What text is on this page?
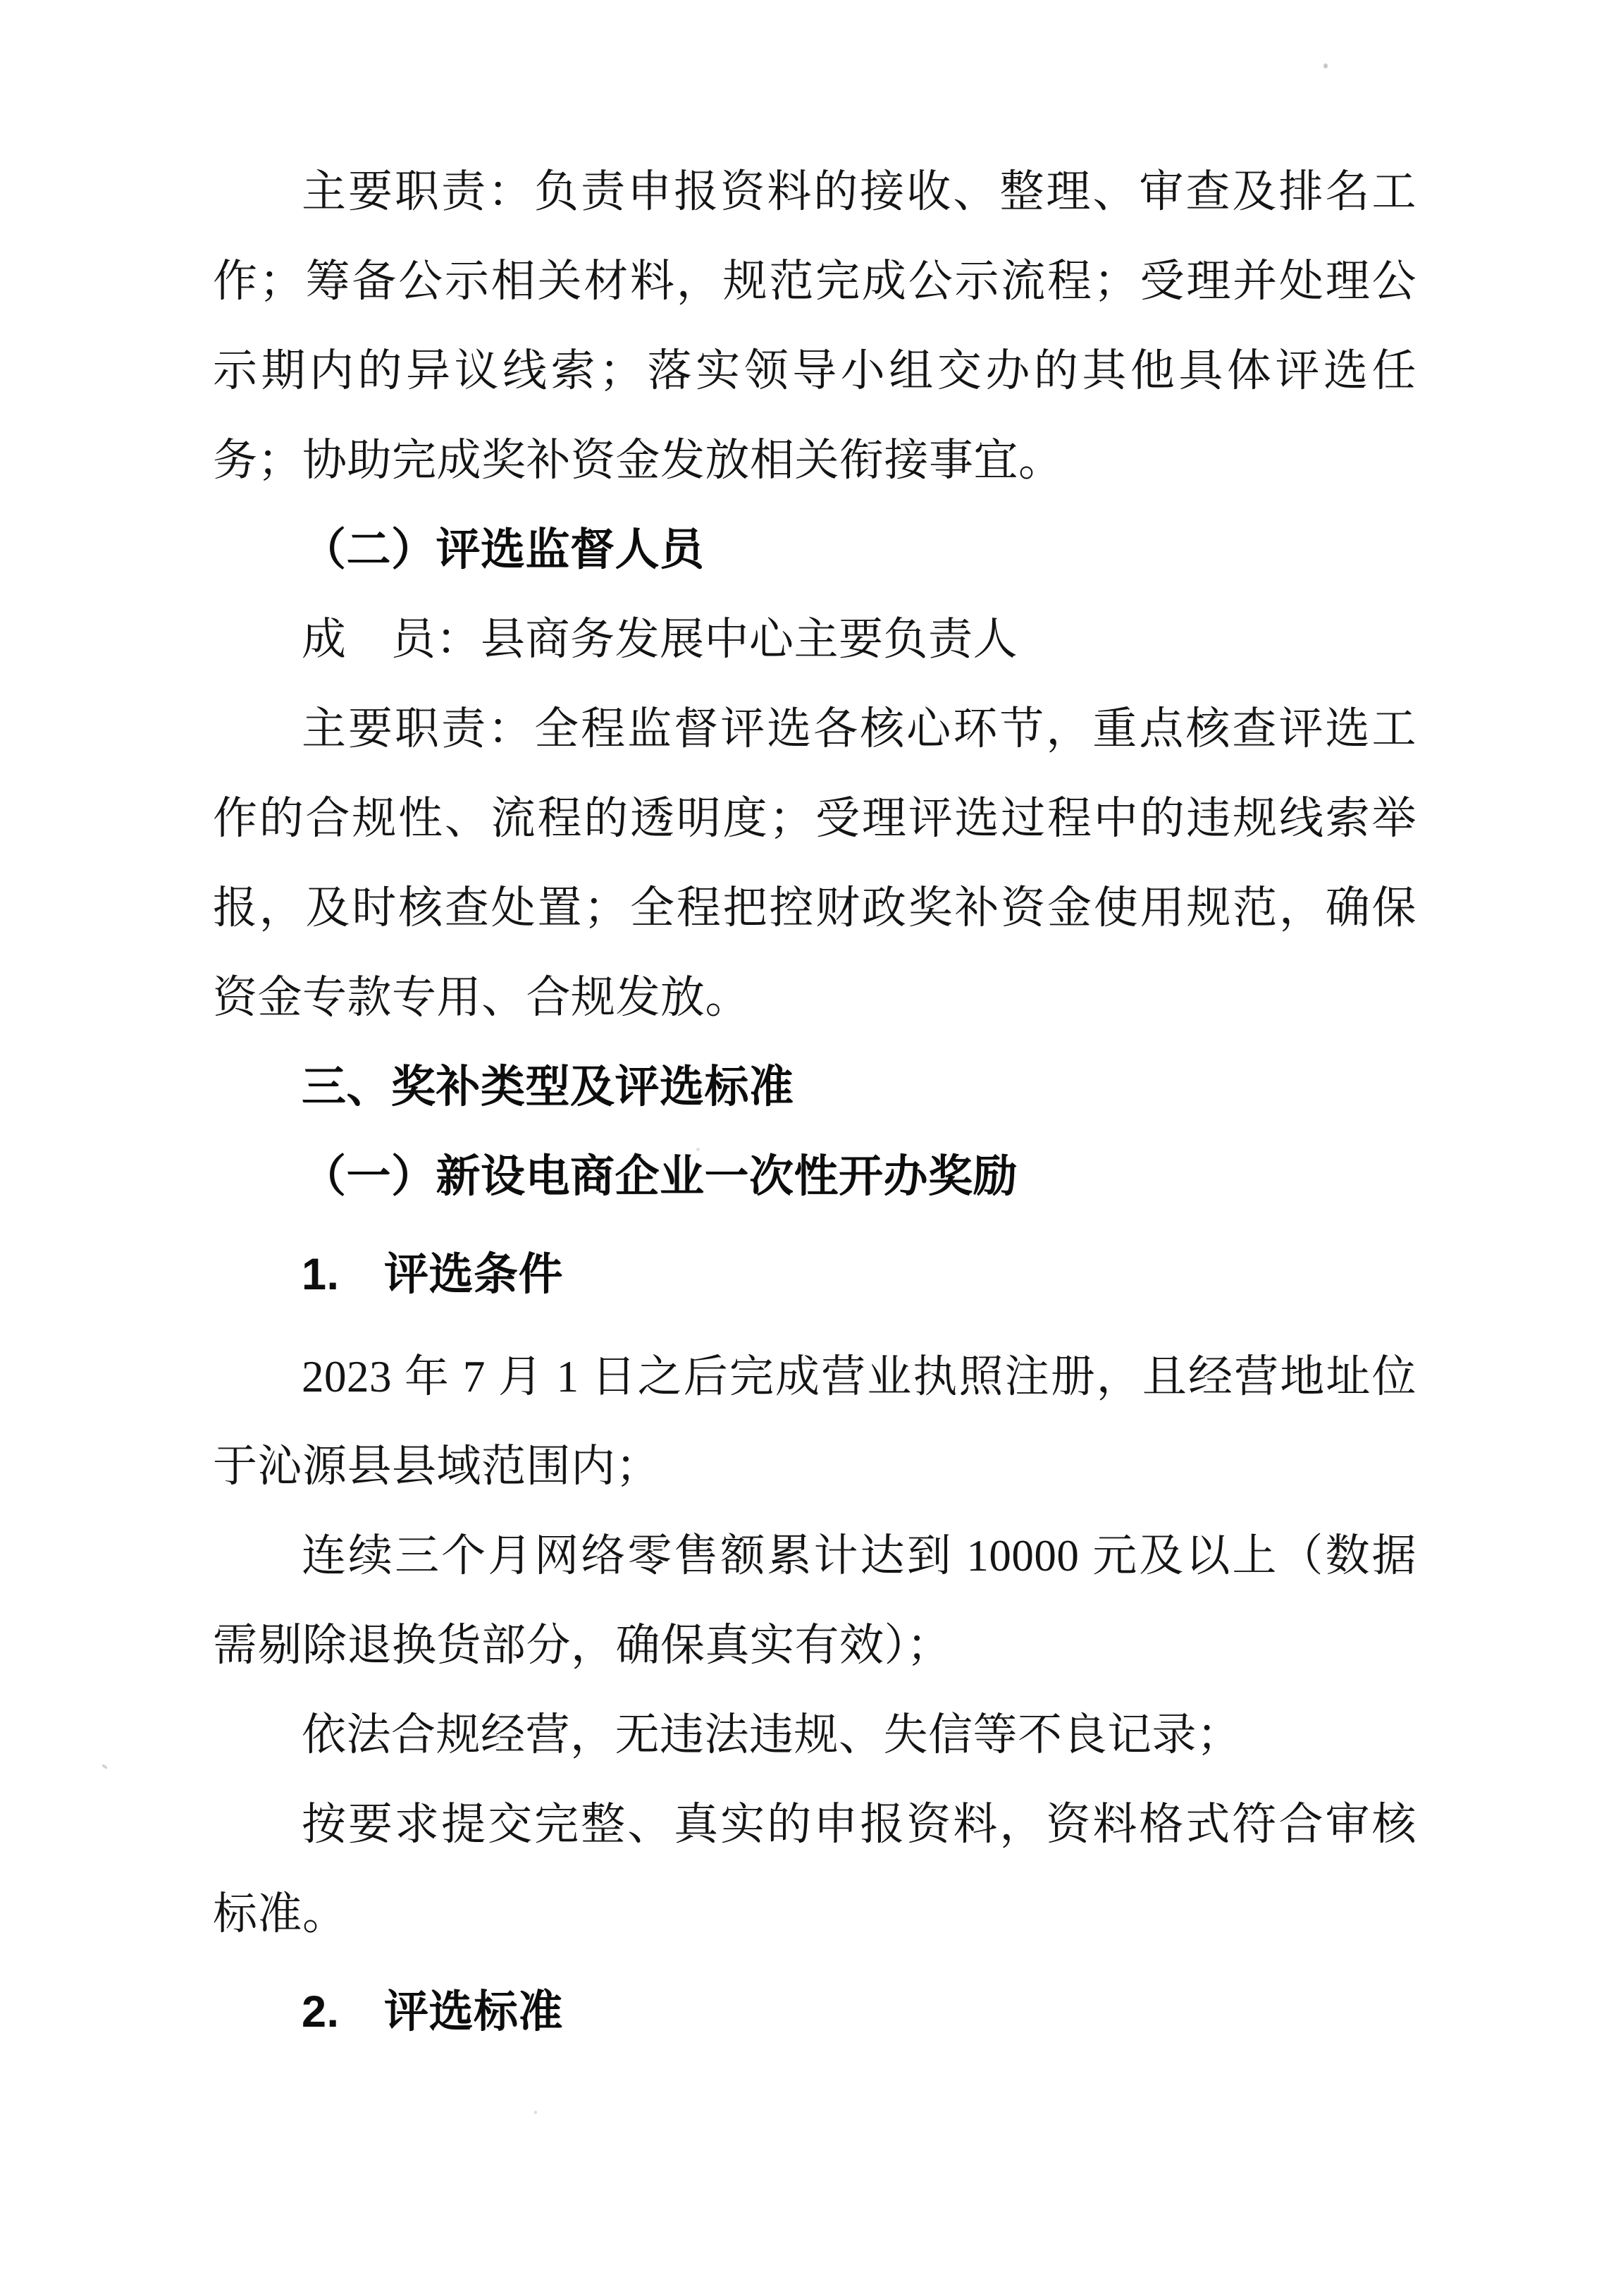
主要职责：负责申报资料的接收、整理、审查及排名工作；筹备公示相关材料，规范完成公示流程；受理并处理公示期内的异议线索；落实领导小组交办的其他具体评选任务；协助完成奖补资金发放相关衔接事宜。

（二）评选监督人员

成　员：县商务发展中心主要负责人

主要职责：全程监督评选各核心环节，重点核查评选工作的合规性、流程的透明度；受理评选过程中的违规线索举报，及时核查处置；全程把控财政奖补资金使用规范，确保资金专款专用、合规发放。

三、奖补类型及评选标准

（一）新设电商企业一次性开办奖励

1.　评选条件

2023 年 7 月 1 日之后完成营业执照注册，且经营地址位于沁源县县域范围内；

连续三个月网络零售额累计达到 10000 元及以上（数据需剔除退换货部分，确保真实有效）；

依法合规经营，无违法违规、失信等不良记录；

按要求提交完整、真实的申报资料，资料格式符合审核标准。

2.　评选标准
